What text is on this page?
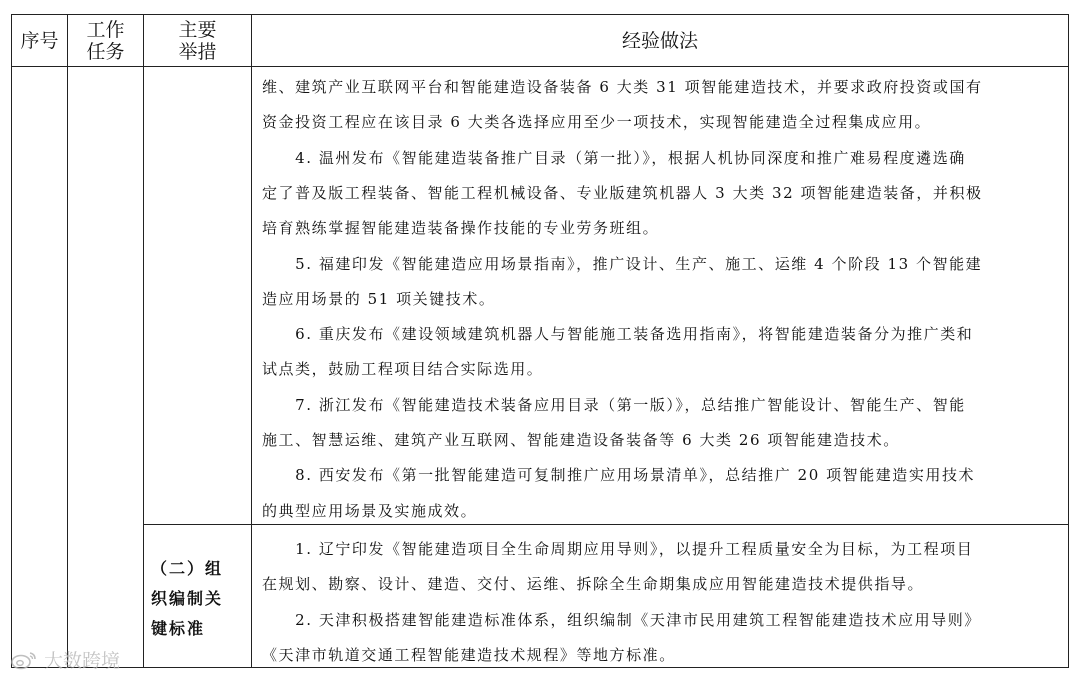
序号	工作
任务
主要
举措	经验做法
（二）组
织编制关
键标准
维、建筑产业互联网平台和智能建造设备装备 6 大类 31 项智能建造技术，并要求政府投资或国有
资金投资工程应在该目录 6 大类各选择应用至少一项技术，实现智能建造全过程集成应用。
　　4. 温州发布《智能建造装备推广目录（第一批）》，根据人机协同深度和推广难易程度遴选确
定了普及版工程装备、智能工程机械设备、专业版建筑机器人 3 大类 32 项智能建造装备，并积极
培育熟练掌握智能建造装备操作技能的专业劳务班组。
　　5. 福建印发《智能建造应用场景指南》，推广设计、生产、施工、运维 4 个阶段 13 个智能建
造应用场景的 51 项关键技术。
　　6. 重庆发布《建设领域建筑机器人与智能施工装备选用指南》，将智能建造装备分为推广类和
试点类，鼓励工程项目结合实际选用。
　　7. 浙江发布《智能建造技术装备应用目录（第一版）》，总结推广智能设计、智能生产、智能
施工、智慧运维、建筑产业互联网、智能建造设备装备等 6 大类 26 项智能建造技术。
　　8. 西安发布《第一批智能建造可复制推广应用场景清单》，总结推广 20 项智能建造实用技术
的典型应用场景及实施成效。
　　1. 辽宁印发《智能建造项目全生命周期应用导则》，以提升工程质量安全为目标，为工程项目
在规划、勘察、设计、建造、交付、运维、拆除全生命期集成应用智能建造技术提供指导。
　　2. 天津积极搭建智能建造标准体系，组织编制《天津市民用建筑工程智能建造技术应用导则》
《天津市轨道交通工程智能建造技术规程》等地方标准。
大数跨境
